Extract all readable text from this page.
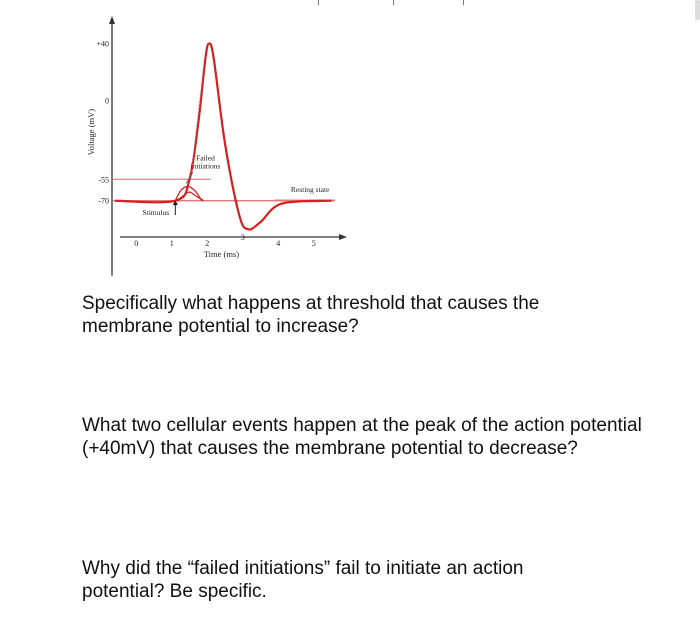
+40
0
-55
-70
Voltage (mV)
0	1	2
3
4	5
Time (ms)
Failed
initiations
Resting state
Stimulus

Specifically what happens at threshold that causes the membrane potential to increase?

What two cellular events happen at the peak of the action potential (+40mV) that causes the membrane potential to decrease?

Why did the “failed initiations” fail to initiate an action potential? Be specific.
